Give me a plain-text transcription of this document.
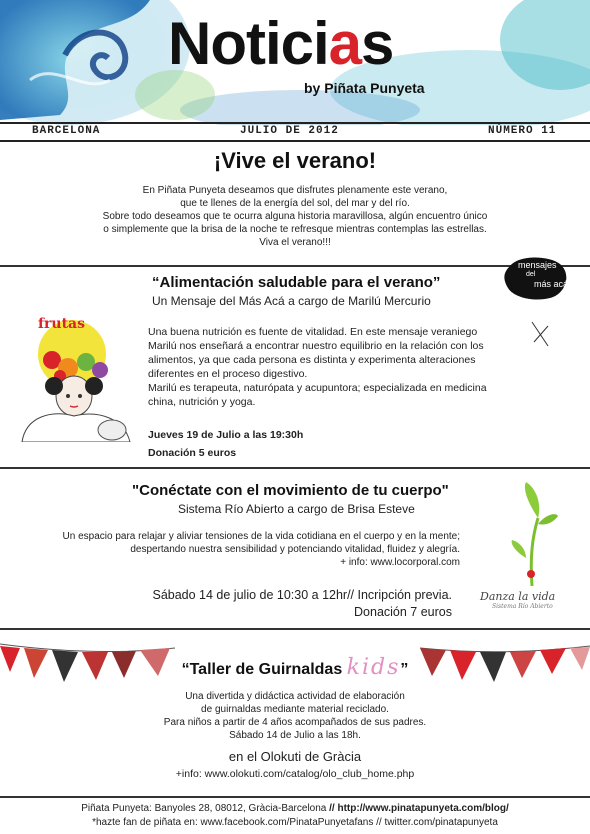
Noticias
by Piñata Punyeta
BARCELONA	JULIO DE 2012	NÚMERO 11
¡Vive el verano!
En Piñata Punyeta deseamos que disfrutes plenamente este verano,
que te llenes de la energía del sol, del mar y del río.
Sobre todo deseamos que te ocurra alguna historia maravillosa, algún encuentro único
o simplemente que la brisa de la noche te refresque mientras contemplas las estrellas.
Viva el verano!!!
“Alimentación saludable para el verano”
Un Mensaje del Más Acá a cargo de Marilú Mercurio
mensajes
del
más acá
frutas	Una buena nutrición es fuente de vitalidad. En este mensaje veraniego
Marilú nos enseñará a encontrar nuestro equilibrio en la relación con los
alimentos, ya que cada persona es distinta y experimenta alteraciones
diferentes en el proceso digestivo.
Marilú es terapeuta, naturópata y acupuntora; especializada en medicina
china, nutrición y yoga.
Jueves 19 de Julio a las 19:30h
Donación 5 euros
"Conéctate con el movimiento de tu cuerpo"
Sistema Río Abierto a cargo de Brisa Esteve
Un espacio para relajar y aliviar tensiones de la vida cotidiana en el cuerpo y en la mente;
despertando nuestra sensibilidad y potenciando vitalidad, fluidez y alegría.
+ info: www.locorporal.com
Sábado 14 de julio de 10:30 a 12hr// Incripción previa.
Donación 7 euros
Danza la vida
Sistema Río Abierto
“Taller de Guirnaldas kids”
Una divertida y didáctica actividad de elaboración
de guirnaldas mediante material reciclado.
Para niños a partir de 4 años acompañados de sus padres.
Sábado 14 de Julio a las 18h.
en el Olokuti de Gràcia
+info: www.olokuti.com/catalog/olo_club_home.php
Piñata Punyeta: Banyoles 28, 08012, Gràcia-Barcelona // http://www.pinatapunyeta.com/blog/
*hazte fan de piñata en: www.facebook.com/PinataPunyetafans // twitter.com/pinatapunyeta
